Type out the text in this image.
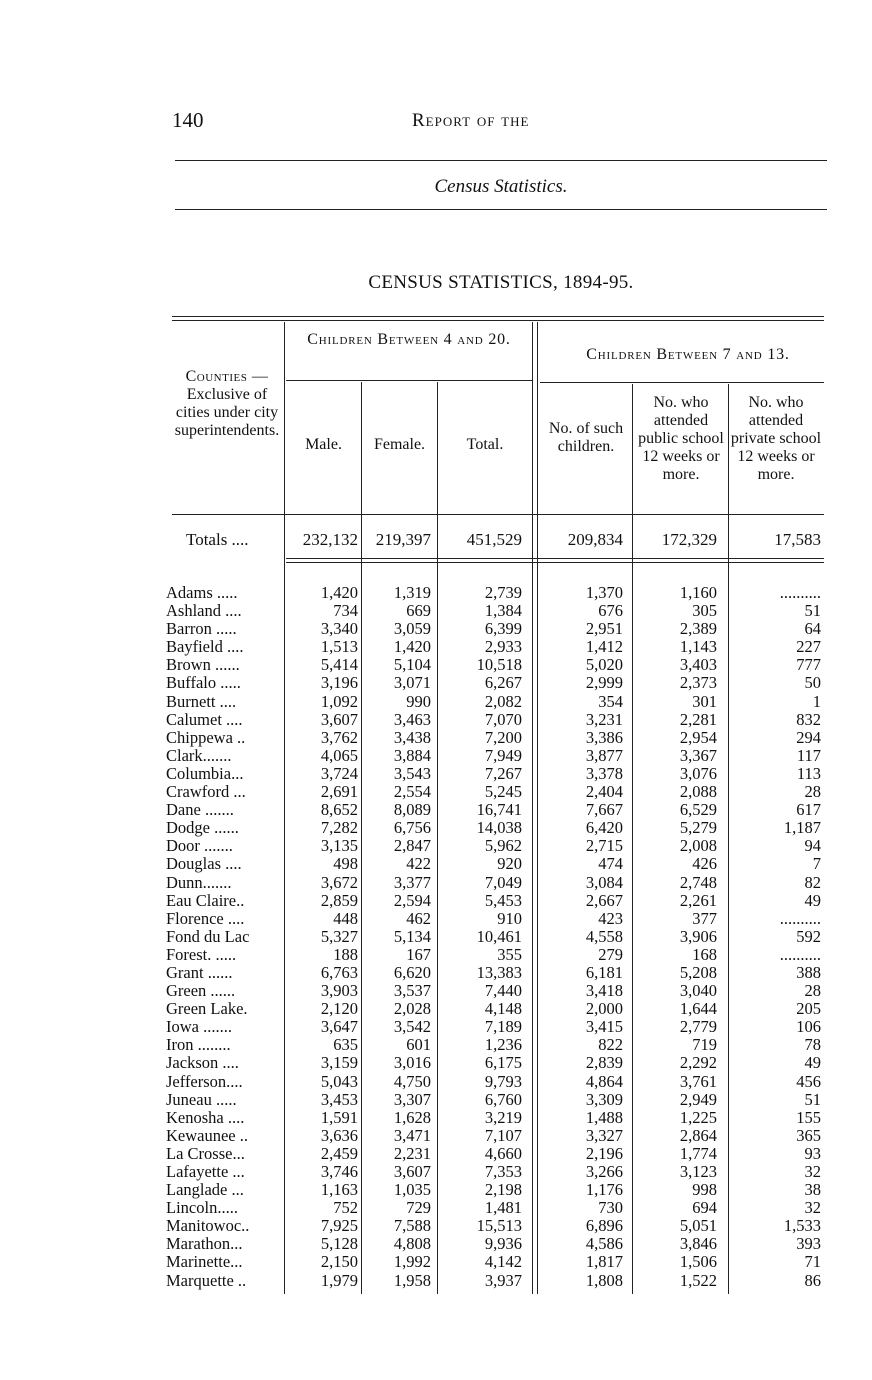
140	Report of the
Census Statistics.
CENSUS STATISTICS, 1894-95.
Counties —
Exclusive of cities under city superintendents.
Children Between 4 and 20.
Children Between 7 and 13.
Male.	Female.	Total.
No. of such children.
No. who attended public school 12 weeks or more.
No. who attended private school 12 weeks or more.
Totals ....	232,132 219,397 451,529	209,834 172,329	17,583
Adams .....	1,420 1,319	2,739	1,370	1,160	..........
Ashland ....	734	669	1,384	676	305	51
Barron .....	3,340 3,059	6,399	2,951	2,389	64
Bayfield ....	1,513 1,420	2,933	1,412	1,143	227
Brown ......	5,414 5,104	10,518	5,020	3,403	777
Buffalo .....	3,196 3,071	6,267	2,999	2,373	50
Burnett ....	1,092	990	2,082	354	301	1
Calumet ....	3,607 3,463	7,070	3,231	2,281	832
Chippewa ..	3,762 3,438	7,200	3,386	2,954	294
Clark.......	4,065 3,884	7,949	3,877	3,367	117
Columbia...	3,724 3,543	7,267	3,378	3,076	113
Crawford ...	2,691 2,554	5,245	2,404	2,088	28
Dane .......	8,652 8,089	16,741	7,667	6,529	617
Dodge ......	7,282 6,756	14,038	6,420	5,279	1,187
Door .......	3,135 2,847	5,962	2,715	2,008	94
Douglas ....	498	422	920	474	426	7
Dunn.......	3,672 3,377	7,049	3,084	2,748	82
Eau Claire..	2,859 2,594	5,453	2,667	2,261	49
Florence ....	448	462	910	423	377	..........
Fond du Lac	5,327 5,134	10,461	4,558	3,906	592
Forest. .....	188	167	355	279	168	..........
Grant ......	6,763 6,620	13,383	6,181	5,208	388
Green ......	3,903 3,537	7,440	3,418	3,040	28
Green Lake.	2,120 2,028	4,148	2,000	1,644	205
Iowa .......	3,647 3,542	7,189	3,415	2,779	106
Iron ........	635	601	1,236	822	719	78
Jackson ....	3,159 3,016	6,175	2,839	2,292	49
Jefferson....	5,043 4,750	9,793	4,864	3,761	456
Juneau .....	3,453 3,307	6,760	3,309	2,949	51
Kenosha ....	1,591 1,628	3,219	1,488	1,225	155
Kewaunee ..	3,636 3,471	7,107	3,327	2,864	365
La Crosse...	2,459 2,231	4,660	2,196	1,774	93
Lafayette ...	3,746 3,607	7,353	3,266	3,123	32
Langlade ...	1,163 1,035	2,198	1,176	998	38
Lincoln.....	752	729	1,481	730	694	32
Manitowoc..	7,925 7,588	15,513	6,896	5,051	1,533
Marathon...	5,128 4,808	9,936	4,586	3,846	393
Marinette...	2,150 1,992	4,142	1,817	1,506	71
Marquette ..	1,979 1,958	3,937	1,808	1,522	86
